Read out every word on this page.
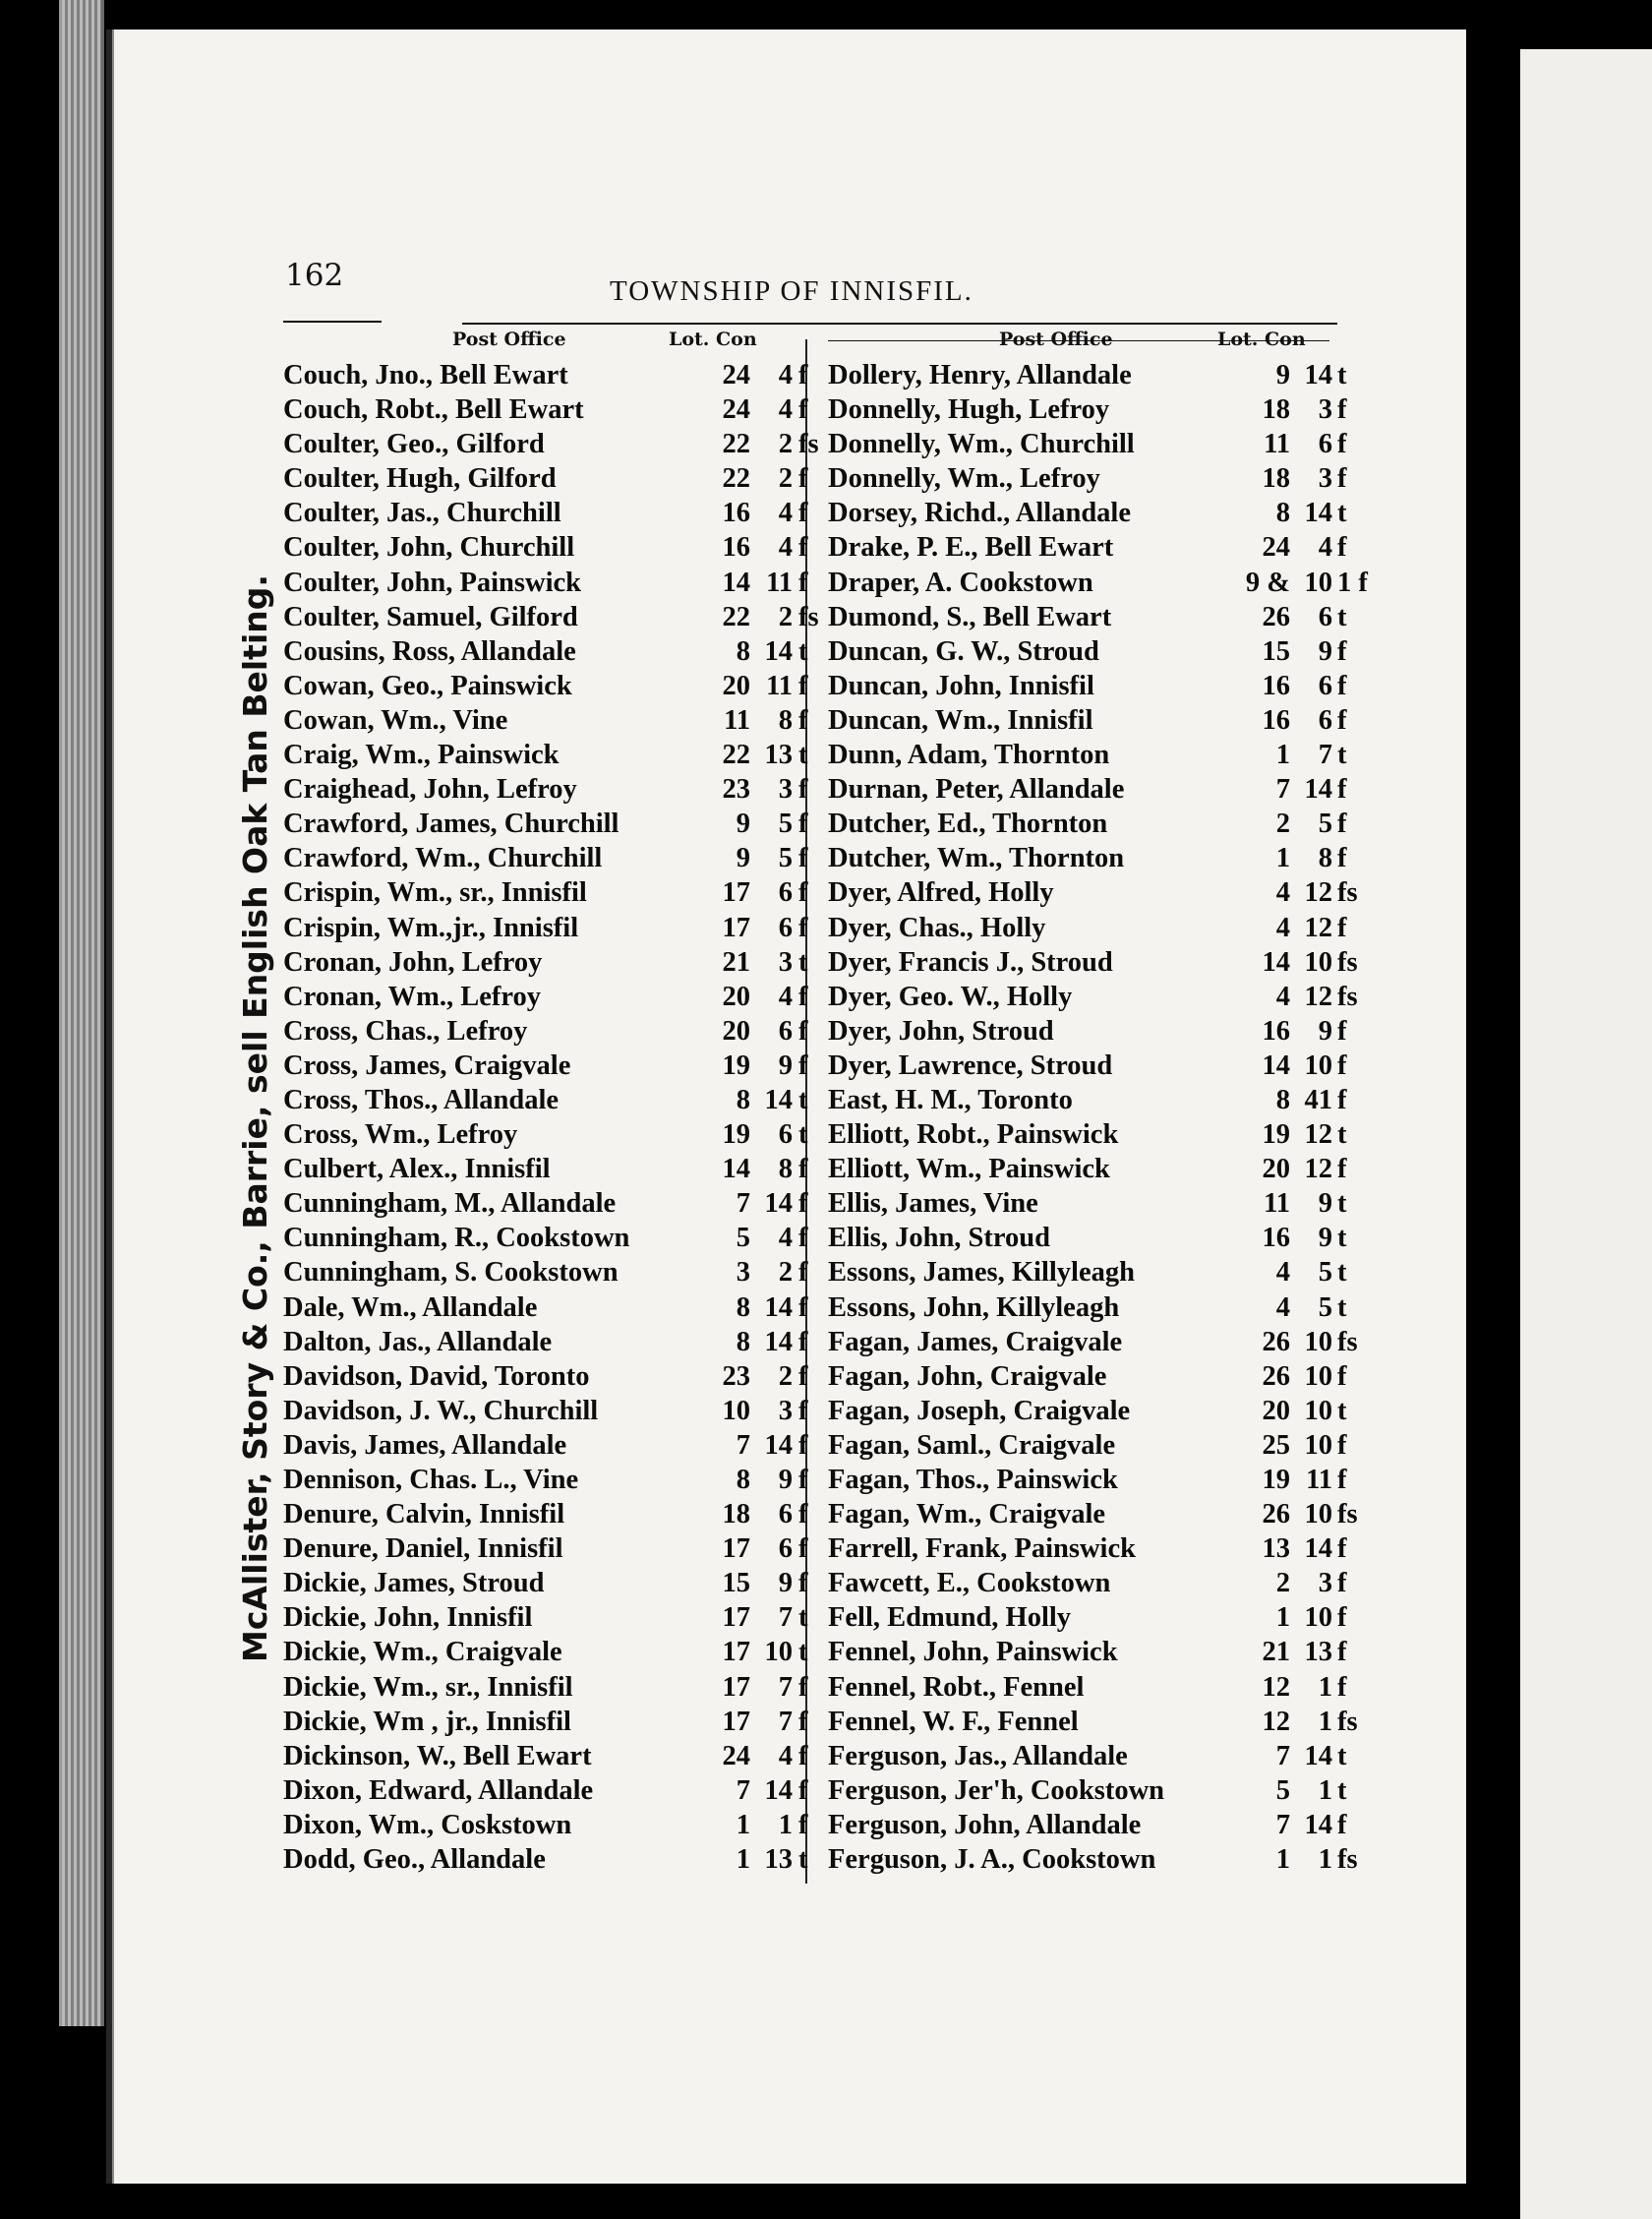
162	TOWNSHIP OF INNISFIL.
McAllister, Story & Co., Barrie, sell English Oak Tan Belting.
Post Office	Lot. Con
Couch, Jno., Bell Ewart	24	4 f
Couch, Robt., Bell Ewart	24	4 f
Coulter, Geo., Gilford	22	2 fs
Coulter, Hugh, Gilford	22	2 f
Coulter, Jas., Churchill	16	4 f
Coulter, John, Churchill	16	4 f
Coulter, John, Painswick	14 11 f
Coulter, Samuel, Gilford	22	2 fs
Cousins, Ross, Allandale	8 14 t
Cowan, Geo., Painswick	20 11 f
Cowan, Wm., Vine	11	8 f
Craig, Wm., Painswick	22 13 t
Craighead, John, Lefroy	23	3 f
Crawford, James, Churchill	9	5 f
Crawford, Wm., Churchill	9	5 f
Crispin, Wm., sr., Innisfil	17	6 f
Crispin, Wm.,jr., Innisfil	17	6 f
Cronan, John, Lefroy	21	3 t
Cronan, Wm., Lefroy	20	4 f
Cross, Chas., Lefroy	20	6 f
Cross, James, Craigvale	19	9 f
Cross, Thos., Allandale	8 14 t
Cross, Wm., Lefroy	19	6 t
Culbert, Alex., Innisfil	14	8 f
Cunningham, M., Allandale	7 14 f
Cunningham, R., Cookstown	5	4 f
Cunningham, S. Cookstown	3	2 f
Dale, Wm., Allandale	8 14 f
Dalton, Jas., Allandale	8 14 f
Davidson, David, Toronto	23	2 f
Davidson, J. W., Churchill	10	3 f
Davis, James, Allandale	7 14 f
Dennison, Chas. L., Vine	8	9 f
Denure, Calvin, Innisfil	18	6 f
Denure, Daniel, Innisfil	17	6 f
Dickie, James, Stroud	15	9 f
Dickie, John, Innisfil	17	7 t
Dickie, Wm., Craigvale	17 10 t
Dickie, Wm., sr., Innisfil	17	7 f
Dickie, Wm , jr., Innisfil	17	7 f
Dickinson, W., Bell Ewart	24	4 f
Dixon, Edward, Allandale	7 14 f
Dixon, Wm., Coskstown	1	1 f
Dodd, Geo., Allandale	1 13 t
Post Office	Lot. Con
Dollery, Henry, Allandale	9 14 t
Donnelly, Hugh, Lefroy	18	3 f
Donnelly, Wm., Churchill	11	6 f
Donnelly, Wm., Lefroy	18	3 f
Dorsey, Richd., Allandale	8 14 t
Drake, P. E., Bell Ewart	24	4 f
Draper, A. Cookstown	9 & 10 1 f
Dumond, S., Bell Ewart	26	6 t
Duncan, G. W., Stroud	15	9 f
Duncan, John, Innisfil	16	6 f
Duncan, Wm., Innisfil	16	6 f
Dunn, Adam, Thornton	1	7 t
Durnan, Peter, Allandale	7 14 f
Dutcher, Ed., Thornton	2	5 f
Dutcher, Wm., Thornton	1	8 f
Dyer, Alfred, Holly	4 12 fs
Dyer, Chas., Holly	4 12 f
Dyer, Francis J., Stroud	14 10 fs
Dyer, Geo. W., Holly	4 12 fs
Dyer, John, Stroud	16	9 f
Dyer, Lawrence, Stroud	14 10 f
East, H. M., Toronto	8 41 f
Elliott, Robt., Painswick	19 12 t
Elliott, Wm., Painswick	20 12 f
Ellis, James, Vine	11	9 t
Ellis, John, Stroud	16	9 t
Essons, James, Killyleagh	4	5 t
Essons, John, Killyleagh	4	5 t
Fagan, James, Craigvale	26 10 fs
Fagan, John, Craigvale	26 10 f
Fagan, Joseph, Craigvale	20 10 t
Fagan, Saml., Craigvale	25 10 f
Fagan, Thos., Painswick	19 11 f
Fagan, Wm., Craigvale	26 10 fs
Farrell, Frank, Painswick	13 14 f
Fawcett, E., Cookstown	2	3 f
Fell, Edmund, Holly	1 10 f
Fennel, John, Painswick	21 13 f
Fennel, Robt., Fennel	12	1 f
Fennel, W. F., Fennel	12	1 fs
Ferguson, Jas., Allandale	7 14 t
Ferguson, Jer'h, Cookstown	5	1 t
Ferguson, John, Allandale	7 14 f
Ferguson, J. A., Cookstown	1	1 fs
